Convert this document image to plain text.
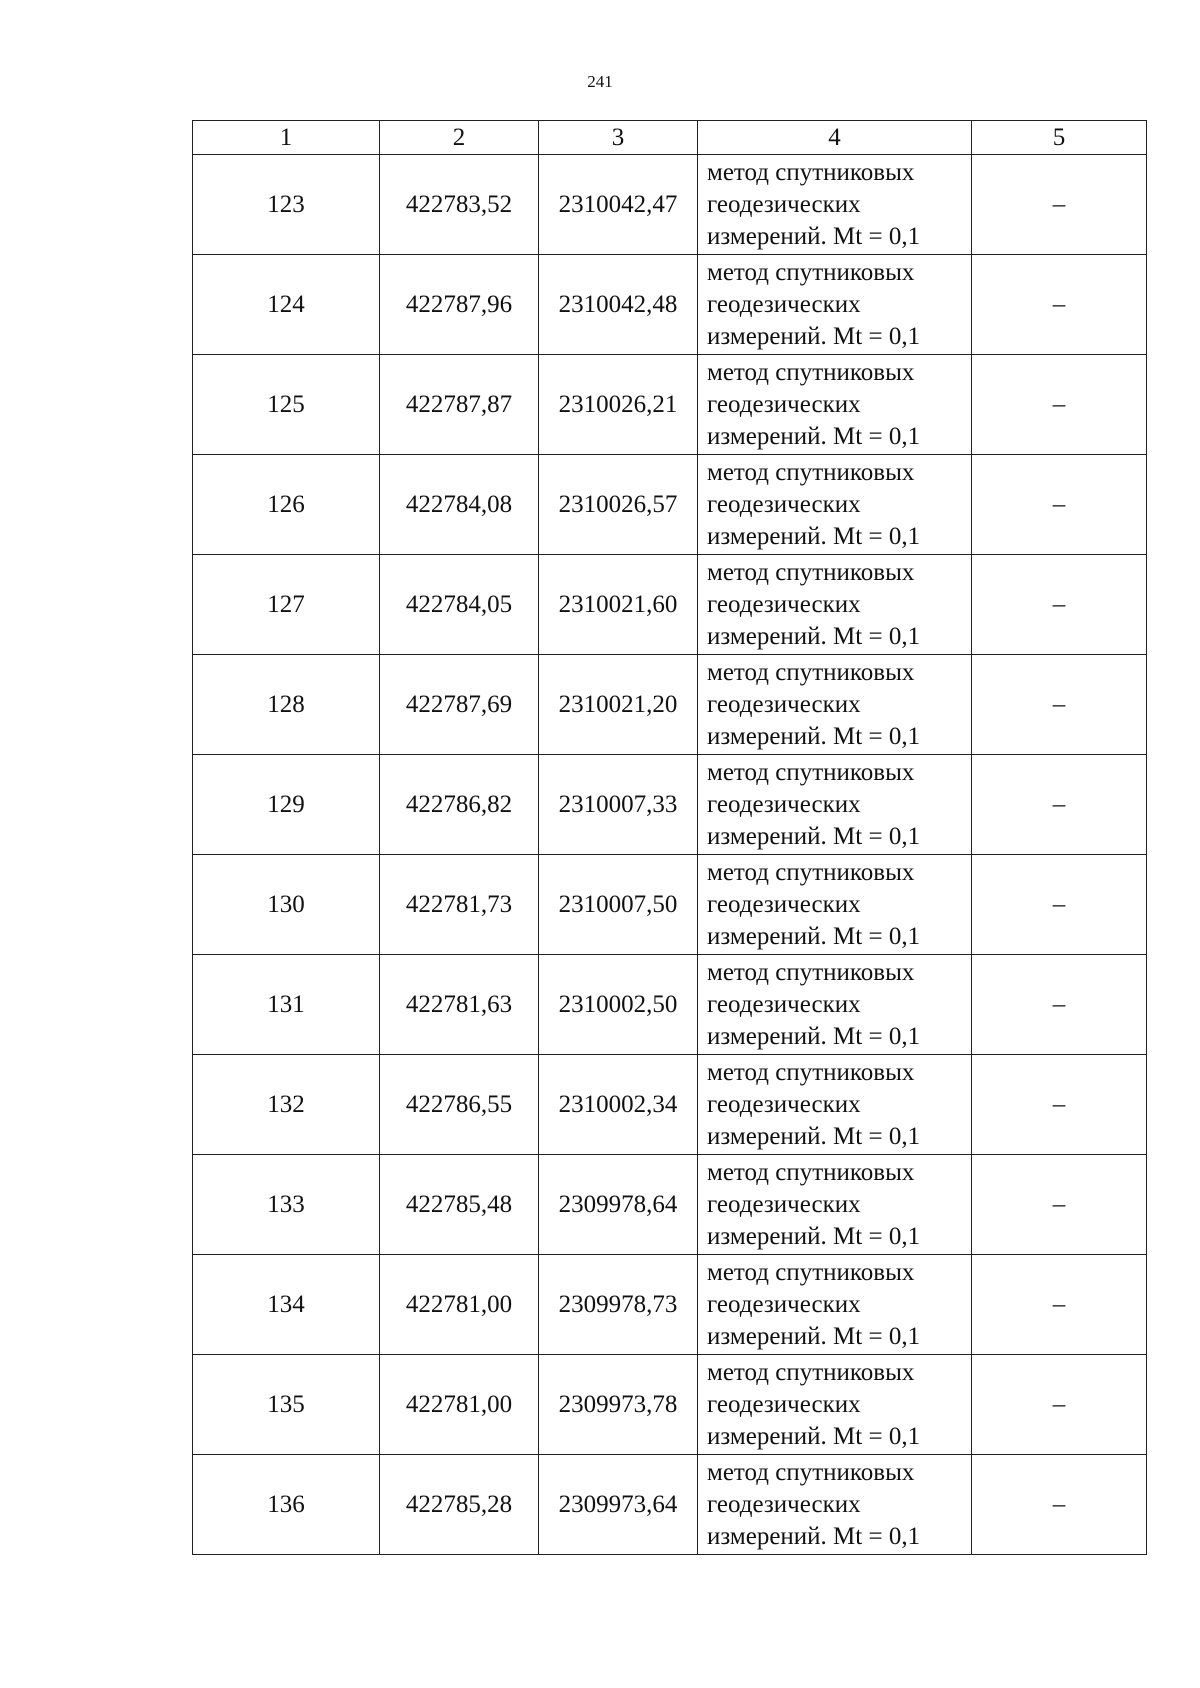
241
1	2	3	4	5
123	422783,52	2310042,47	метод спутниковых
геодезических
измерений. Mt = 0,1	–
124	422787,96	2310042,48	метод спутниковых
геодезических
измерений. Mt = 0,1	–
125	422787,87	2310026,21	метод спутниковых
геодезических
измерений. Mt = 0,1	–
126	422784,08	2310026,57	метод спутниковых
геодезических
измерений. Mt = 0,1	–
127	422784,05	2310021,60	метод спутниковых
геодезических
измерений. Mt = 0,1	–
128	422787,69	2310021,20	метод спутниковых
геодезических
измерений. Mt = 0,1	–
129	422786,82	2310007,33	метод спутниковых
геодезических
измерений. Mt = 0,1	–
130	422781,73	2310007,50	метод спутниковых
геодезических
измерений. Mt = 0,1	–
131	422781,63	2310002,50	метод спутниковых
геодезических
измерений. Mt = 0,1	–
132	422786,55	2310002,34	метод спутниковых
геодезических
измерений. Mt = 0,1	–
133	422785,48	2309978,64	метод спутниковых
геодезических
измерений. Mt = 0,1	–
134	422781,00	2309978,73	метод спутниковых
геодезических
измерений. Mt = 0,1	–
135	422781,00	2309973,78	метод спутниковых
геодезических
измерений. Mt = 0,1	–
136	422785,28	2309973,64	метод спутниковых
геодезических
измерений. Mt = 0,1	–
